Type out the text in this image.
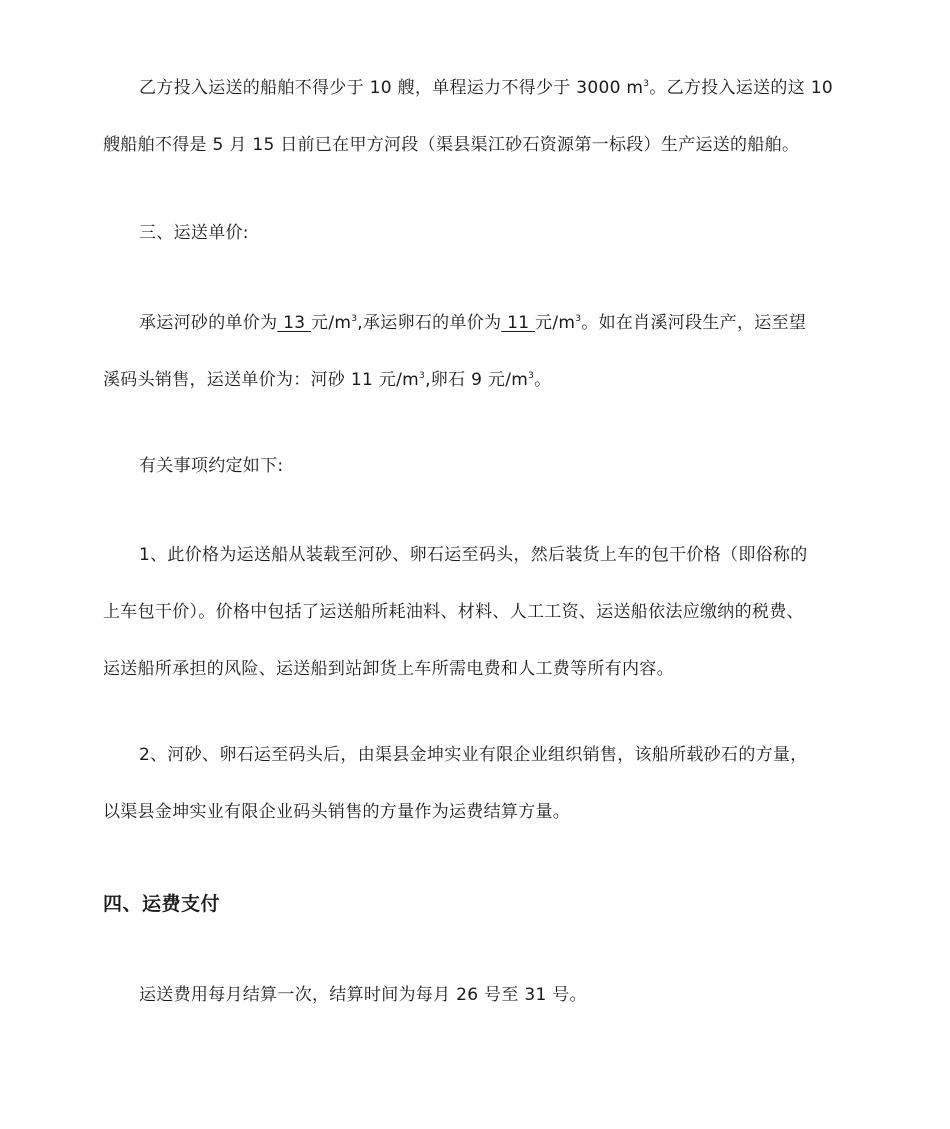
乙方投入运送的船舶不得少于 10 艘，单程运力不得少于 3000 $m^3$。乙方投入运送的这 10
艘船舶不得是 5 月 15 日前已在甲方河段（渠县渠江砂石资源第一标段）生产运送的船舶。

三、运送单价:

承运河砂的单价为 13 元$/m^3$,承运卵石的单价为 11 元$/m^3$。如在肖溪河段生产，运至望
溪码头销售，运送单价为：河砂 11 元$/m^3$,卵石 9 元$/m^3$。

有关事项约定如下:

1、此价格为运送船从装载至河砂、卵石运至码头，然后装货上车的包干价格（即俗称的
上车包干价）。价格中包括了运送船所耗油料、材料、人工工资、运送船依法应缴纳的税费、
运送船所承担的风险、运送船到站卸货上车所需电费和人工费等所有内容。

2、河砂、卵石运至码头后，由渠县金坤实业有限企业组织销售，该船所载砂石的方量，
以渠县金坤实业有限企业码头销售的方量作为运费结算方量。

四、运费支付

运送费用每月结算一次，结算时间为每月 26 号至 31 号。
